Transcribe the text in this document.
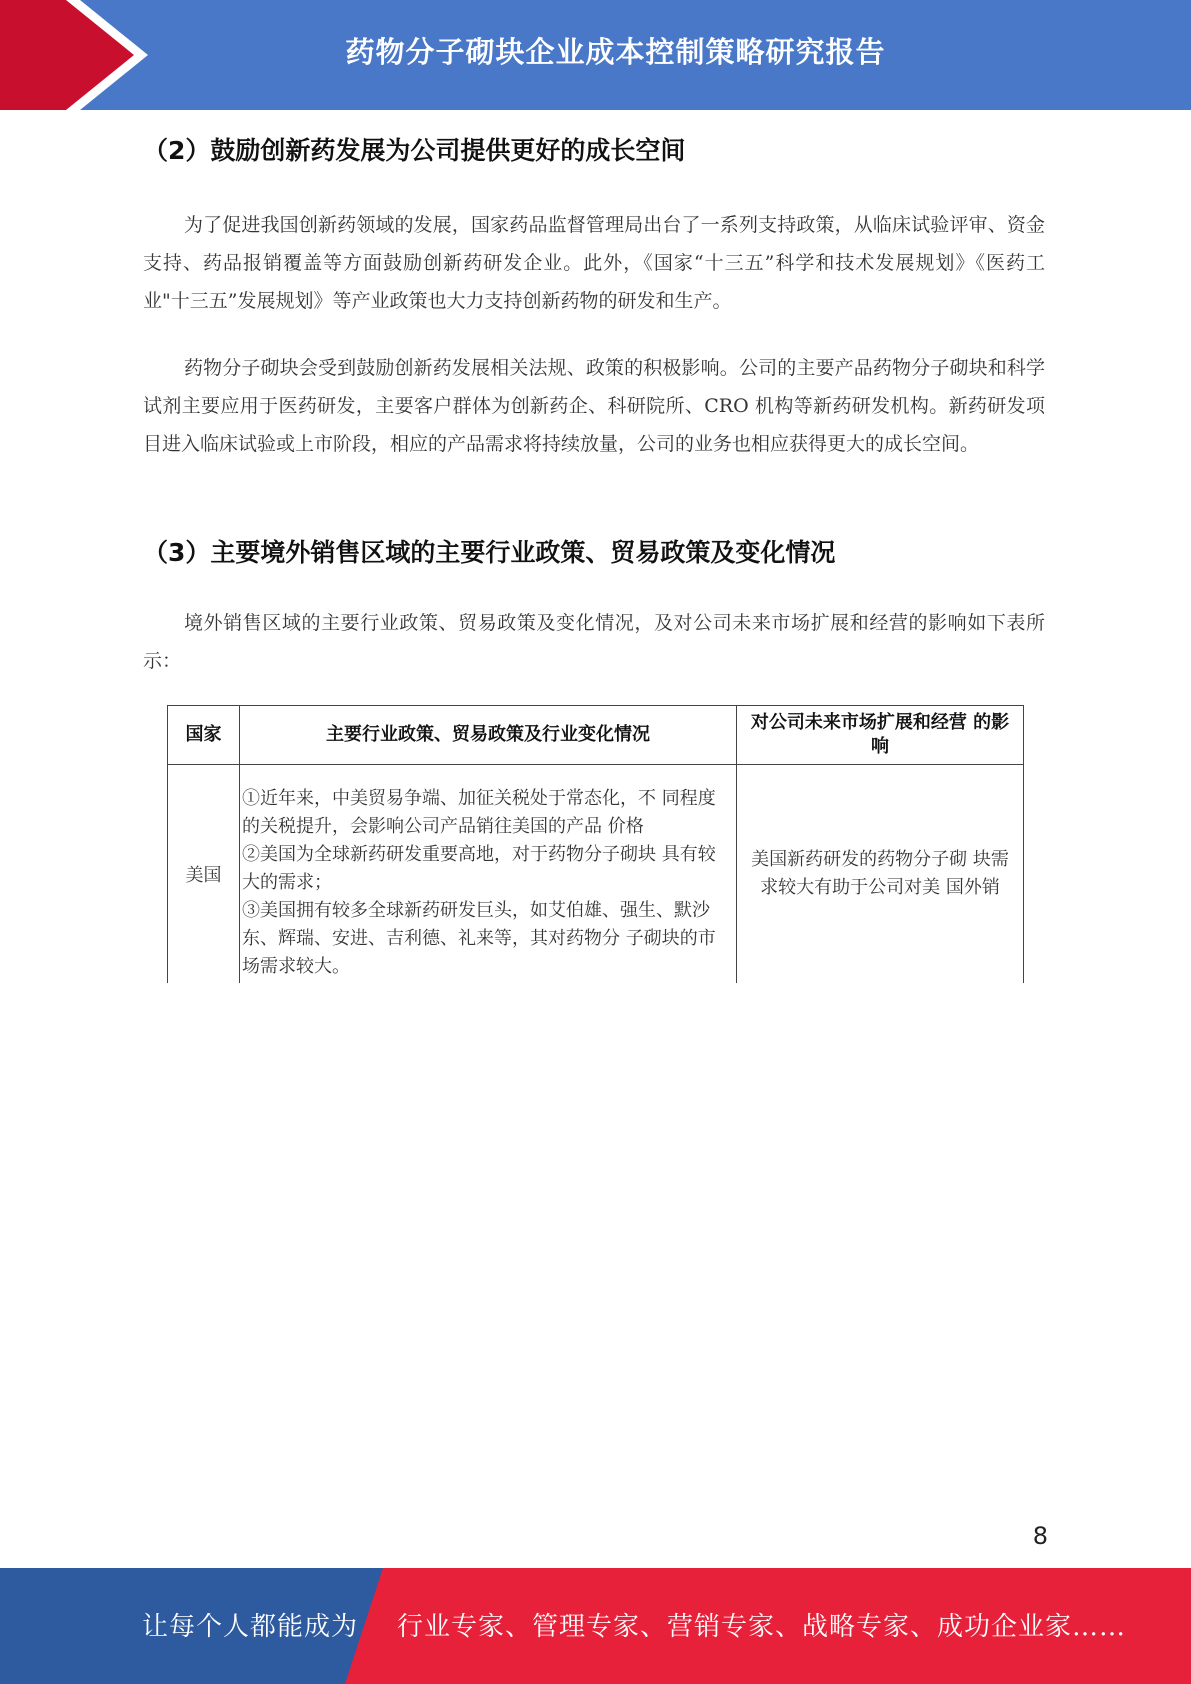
药物分子砌块企业成本控制策略研究报告
（2）鼓励创新药发展为公司提供更好的成长空间
为了促进我国创新药领域的发展，国家药品监督管理局出台了一系列支持政策，从临床试验评审、资金支持、药品报销覆盖等方面鼓励创新药研发企业。此外，《国家“十三五”科学和技术发展规划》《医药工业"十三五”发展规划》等产业政策也大力支持创新药物的研发和生产。
药物分子砌块会受到鼓励创新药发展相关法规、政策的积极影响。公司的主要产品药物分子砌块和科学试剂主要应用于医药研发，主要客户群体为创新药企、科研院所、CRO 机构等新药研发机构。新药研发项目进入临床试验或上市阶段，相应的产品需求将持续放量，公司的业务也相应获得更大的成长空间。
（3）主要境外销售区域的主要行业政策、贸易政策及变化情况
境外销售区域的主要行业政策、贸易政策及变化情况，及对公司未来市场扩展和经营的影响如下表所示：
国家	主要行业政策、贸易政策及行业变化情况	对公司未来市场扩展和经营 的影响
美国	①近年来，中美贸易争端、加征关税处于常态化，不 同程度的关税提升，会影响公司产品销往美国的产品 价格
②美国为全球新药研发重要高地，对于药物分子砌块 具有较大的需求；
③美国拥有较多全球新药研发巨头，如艾伯雄、强生、默沙东、辉瑞、安进、吉利德、礼来等，其对药物分 子砌块的市场需求较大。	美国新药研发的药物分子砌 块需求较大有助于公司对美 国外销
8
让每个人都能成为 行业专家、管理专家、营销专家、战略专家、成功企业家……
